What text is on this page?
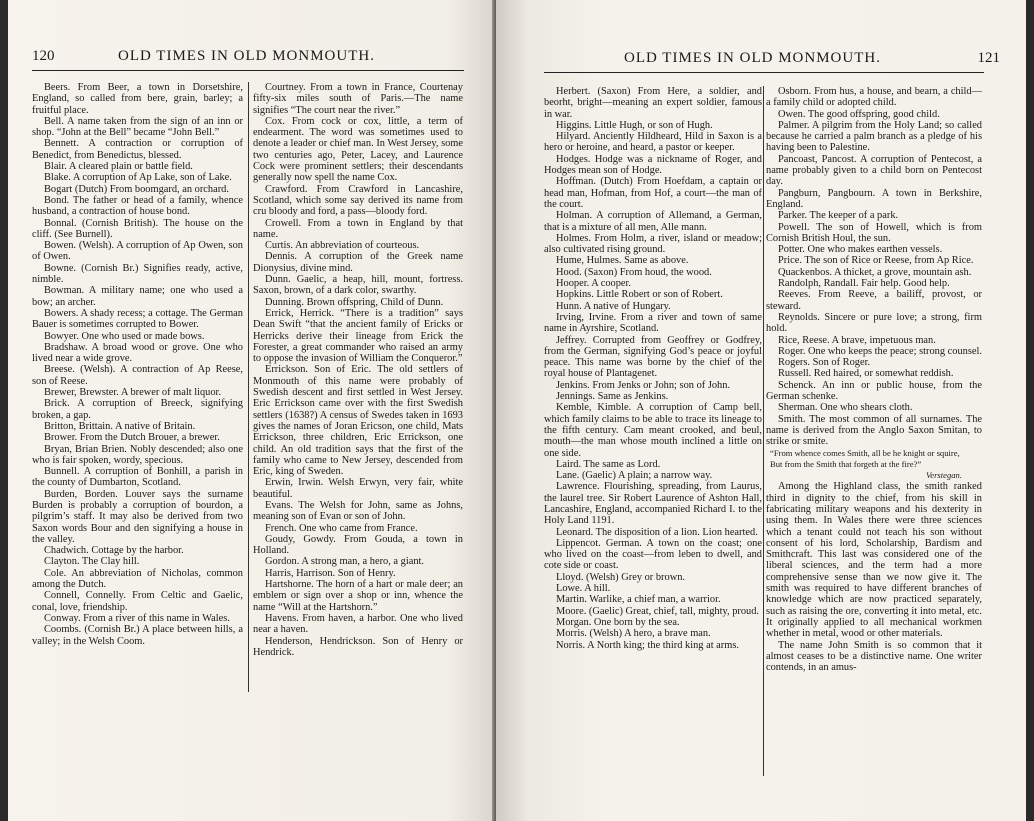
120	OLD TIMES IN OLD MONMOUTH.

Beers. From Beer, a town in Dorsetshire, England, so called from bere, grain, barley; a fruitful place.

Bell. A name taken from the sign of an inn or shop. “John at the Bell” became “John Bell.”

Bennett. A contraction or corruption of Benedict, from Benedictus, blessed.

Blair. A cleared plain or battle field.

Blake. A corruption of Ap Lake, son of Lake.

Bogart (Dutch) From boomgard, an orchard.

Bond. The father or head of a family, whence husband, a contraction of house bond.

Bonnal. (Cornish British). The house on the cliff. (See Burnell).

Bowen. (Welsh). A corruption of Ap Owen, son of Owen.

Bowne. (Cornish Br.) Signifies ready, active, nimble.

Bowman. A military name; one who used a bow; an archer.

Bowers. A shady recess; a cottage. The German Bauer is sometimes corrupted to Bower.

Bowyer. One who used or made bows.

Bradshaw. A broad wood or grove. One who lived near a wide grove.

Breese. (Welsh). A contraction of Ap Reese, son of Reese.

Brewer, Brewster. A brewer of malt liquor.

Brick. A corruption of Breeck, signifying broken, a gap.

Britton, Brittain. A native of Britain.

Brower. From the Dutch Brouer, a brewer.

Bryan, Brian Brien. Nobly descended; also one who is fair spoken, wordy, specious.

Bunnell. A corruption of Bonhill, a parish in the county of Dumbarton, Scotland.

Burden, Borden. Louver says the surname Burden is probably a corruption of bourdon, a pilgrim’s staff. It may also be derived from two Saxon words Bour and den signifying a house in the valley.

Chadwich. Cottage by the harbor.

Clayton. The Clay hill.

Cole. An abbreviation of Nicholas, common among the Dutch.

Connell, Connelly. From Celtic and Gaelic, conal, love, friendship.

Conway. From a river of this name in Wales.

Coombs. (Cornish Br.) A place between hills, a valley; in the Welsh Coom.

Courtney. From a town in France, Courtenay fifty-six miles south of Paris.—The name signifies “The court near the river.”

Cox. From cock or cox, little, a term of endearment. The word was sometimes used to denote a leader or chief man. In West Jersey, some two centuries ago, Peter, Lacey, and Laurence Cock were prominent settlers; their descendants generally now spell the name Cox.

Crawford. From Crawford in Lancashire, Scotland, which some say derived its name from cru bloody and ford, a pass—bloody ford.

Crowell. From a town in England by that name.

Curtis. An abbreviation of courteous.

Dennis. A corruption of the Greek name Dionysius, divine mind.

Dunn. Gaelic, a heap, hill, mount, fortress. Saxon, brown, of a dark color, swarthy.

Dunning. Brown offspring, Child of Dunn.

Errick, Herrick. “There is a tradition” says Dean Swift “that the ancient family of Ericks or Herricks derive their lineage from Erick the Forester, a great commander who raised an army to oppose the invasion of William the Conqueror.”

Errickson. Son of Eric. The old settlers of Monmouth of this name were probably of Swedish descent and first settled in West Jersey. Eric Errickson came over with the first Swedish settlers (1638?) A census of Swedes taken in 1693 gives the names of Joran Ericson, one child, Mats Errickson, three children, Eric Errickson, one child. An old tradition says that the first of the family who came to New Jersey, descended from Eric, king of Sweden.

Erwin, Irwin. Welsh Erwyn, very fair, white beautiful.

Evans. The Welsh for John, same as Johns, meaning son of Evan or son of John.

French. One who came from France.

Goudy, Gowdy. From Gouda, a town in Holland.

Gordon. A strong man, a hero, a giant.

Harris, Harrison. Son of Henry.

Hartshorne. The horn of a hart or male deer; an emblem or sign over a shop or inn, whence the name “Will at the Hartshorn.”

Havens. From haven, a harbor. One who lived near a haven.

Henderson, Hendrickson. Son of Henry or Hendrick.

OLD TIMES IN OLD MONMOUTH.	121

Herbert. (Saxon) From Here, a soldier, and beorht, bright—meaning an expert soldier, famous in war.

Higgins. Little Hugh, or son of Hugh.

Hilyard. Anciently Hildheard, Hild in Saxon is a hero or heroine, and heard, a pastor or keeper.

Hodges. Hodge was a nickname of Roger, and Hodges mean son of Hodge.

Hoffman. (Dutch) From Hoefdam, a captain or head man, Hofman, from Hof, a court—the man of the court.

Holman. A corruption of Allemand, a German, that is a mixture of all men, Alle mann.

Holmes. From Holm, a river, island or meadow; also cultivated rising ground.

Hume, Hulmes. Same as above.

Hood. (Saxon) From houd, the wood.

Hooper. A cooper.

Hopkins. Little Robert or son of Robert.

Hunn. A native of Hungary.

Irving, Irvine. From a river and town of same name in Ayrshire, Scotland.

Jeffrey. Corrupted from Geoffrey or Godfrey, from the German, signifying God’s peace or joyful peace. This name was borne by the chief of the royal house of Plantagenet.

Jenkins. From Jenks or John; son of John.

Jennings. Same as Jenkins.

Kemble, Kimble. A corruption of Camp bell, which family claims to be able to trace its lineage to the fifth century. Cam meant crooked, and beul, mouth—the man whose mouth inclined a little on one side.

Laird. The same as Lord.

Lane. (Gaelic) A plain; a narrow way.

Lawrence. Flourishing, spreading, from Laurus, the laurel tree. Sir Robert Laurence of Ashton Hall, Lancashire, England, accompanied Richard I. to the Holy Land 1191.

Leonard. The disposition of a lion. Lion hearted.

Lippencot. German. A town on the coast; one who lived on the coast—from leben to dwell, and cote side or coast.

Lloyd. (Welsh) Grey or brown.

Lowe. A hill.

Martin. Warlike, a chief man, a warrior.

Moore. (Gaelic) Great, chief, tall, mighty, proud.

Morgan. One born by the sea.

Morris. (Welsh) A hero, a brave man.

Norris. A North king; the third king at arms.

Osborn. From hus, a house, and bearn, a child—a family child or adopted child.

Owen. The good offspring, good child.

Palmer. A pilgrim from the Holy Land; so called because he carried a palm branch as a pledge of his having been to Palestine.

Pancoast, Pancost. A corruption of Pentecost, a name probably given to a child born on Pentecost day.

Pangburn, Pangbourn. A town in Berkshire, England.

Parker. The keeper of a park.

Powell. The son of Howell, which is from Cornish British Houl, the sun.

Potter. One who makes earthen vessels.

Price. The son of Rice or Reese, from Ap Rice.

Quackenbos. A thicket, a grove, mountain ash.

Randolph, Randall. Fair help. Good help.

Reeves. From Reeve, a bailiff, provost, or steward.

Reynolds. Sincere or pure love; a strong, firm hold.

Rice, Reese. A brave, impetuous man.

Roger. One who keeps the peace; strong counsel.

Rogers. Son of Roger.

Russell. Red haired, or somewhat reddish.

Schenck. An inn or public house, from the German schenke.

Sherman. One who shears cloth.

Smith. The most common of all surnames. The name is derived from the Anglo Saxon Smitan, to strike or smite.

“From whence comes Smith, all be he knight or squire,

But from the Smith that forgeth at the fire?”

Verstegan.

Among the Highland class, the smith ranked third in dignity to the chief, from his skill in fabricating military weapons and his dexterity in using them. In Wales there were three sciences which a tenant could not teach his son without consent of his lord, Scholarship, Bardism and Smithcraft. This last was considered one of the liberal sciences, and the term had a more comprehensive sense than we now give it. The smith was required to have different branches of knowledge which are now practiced separately, such as raising the ore, converting it into metal, etc. It originally applied to all mechanical workmen whether in metal, wood or other materials.

The name John Smith is so common that it almost ceases to be a distinctive name. One writer contends, in an amus-
